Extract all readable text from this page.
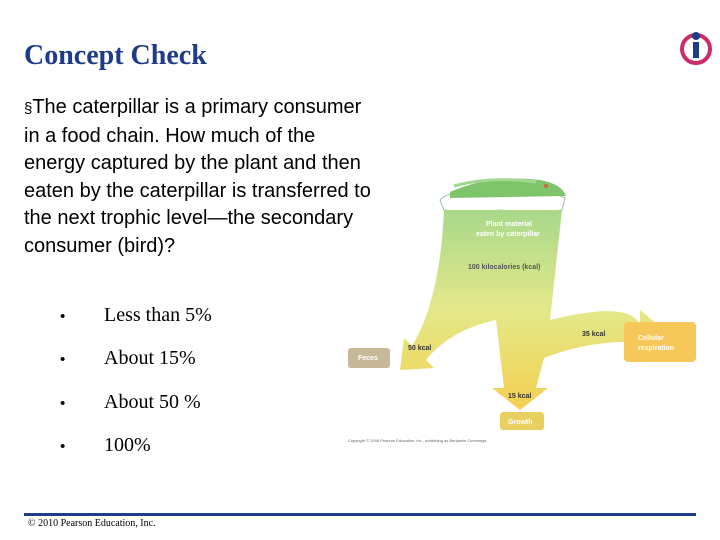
Concept Check
§The caterpillar is a primary consumer in a food chain. How much of the energy captured by the plant and then eaten by the caterpillar is transferred to the next trophic level—the secondary consumer (bird)?
• Less than 5%
• About 15%
• About 50 %
• 100%
Plant material
eaten by caterpillar
100 kilocalories (kcal)
50 kcal
Feces
35 kcal
Cellular
respiration
15 kcal
Growth
Copyright © 2008 Pearson Education, Inc., publishing as Benjamin Cummings.
© 2010 Pearson Education, Inc.
